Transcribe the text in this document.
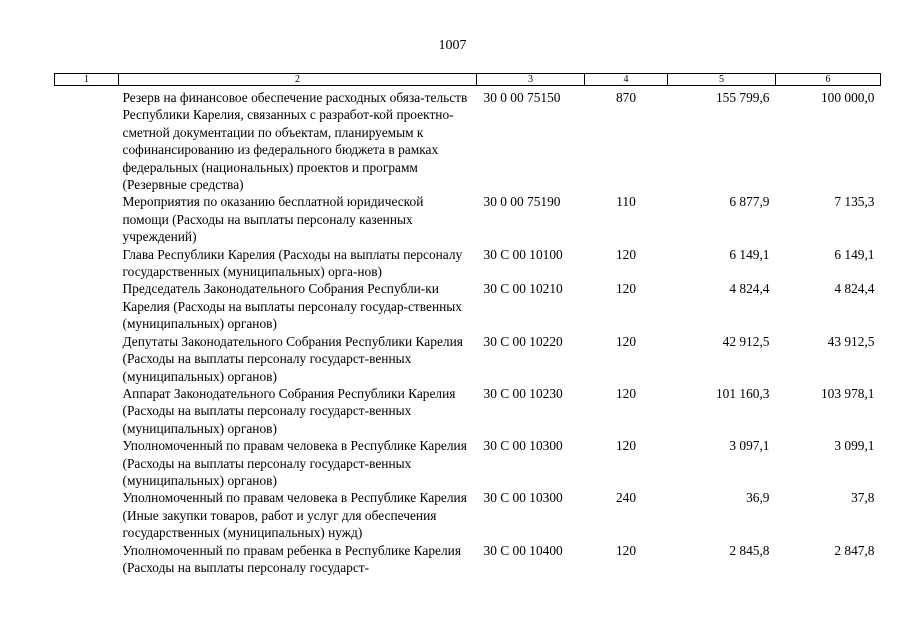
1007
1	2	3	4	5	6
	Резерв на финансовое обеспечение расходных обяза-тельств Республики Карелия, связанных с разработ-кой проектно-сметной документации по объектам, планируемым к софинансированию из федерального бюджета в рамках федеральных (национальных) проектов и программ (Резервные средства)	30 0 00 75150	870	155 799,6	100 000,0
	Мероприятия по оказанию бесплатной юридической помощи (Расходы на выплаты персоналу казенных учреждений)	30 0 00 75190	110	6 877,9	7 135,3
	Глава Республики Карелия (Расходы на выплаты персоналу государственных (муниципальных) орга-нов)	30 С 00 10100	120	6 149,1	6 149,1
	Председатель Законодательного Собрания Республи-ки Карелия (Расходы на выплаты персоналу государ-ственных (муниципальных) органов)	30 С 00 10210	120	4 824,4	4 824,4
	Депутаты Законодательного Собрания Республики Карелия (Расходы на выплаты персоналу государст-венных (муниципальных) органов)	30 С 00 10220	120	42 912,5	43 912,5
	Аппарат Законодательного Собрания Республики Карелия (Расходы на выплаты персоналу государст-венных (муниципальных) органов)	30 С 00 10230	120	101 160,3	103 978,1
	Уполномоченный по правам человека в Республике Карелия (Расходы на выплаты персоналу государст-венных (муниципальных) органов)	30 С 00 10300	120	3 097,1	3 099,1
	Уполномоченный по правам человека в Республике Карелия (Иные закупки товаров, работ и услуг для обеспечения государственных (муниципальных) нужд)	30 С 00 10300	240	36,9	37,8
	Уполномоченный по правам ребенка в Республике Карелия (Расходы на выплаты персоналу государст-	30 С 00 10400	120	2 845,8	2 847,8
